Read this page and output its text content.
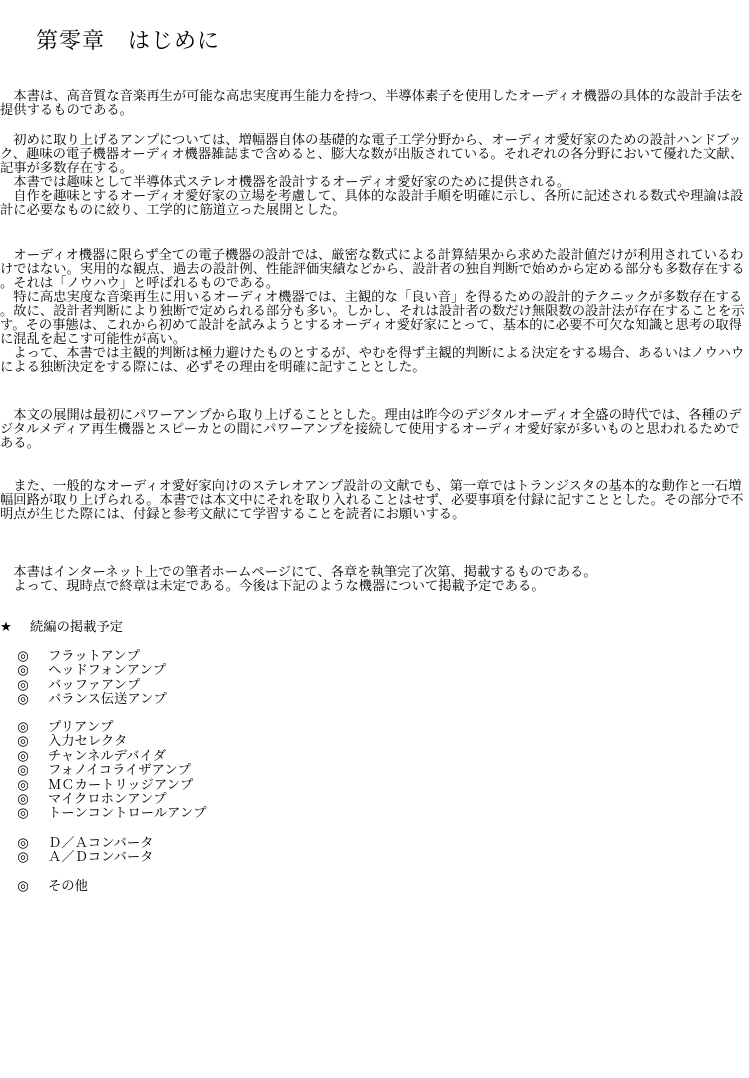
第零章　はじめに

　本書は、高音質な音楽再生が可能な高忠実度再生能力を持つ、半導体素子を使用したオーディオ機器の具体的な設計手法を提供するものである。

　初めに取り上げるアンプについては、増幅器自体の基礎的な電子工学分野から、オーディオ愛好家のための設計ハンドブック、趣味の電子機器オーディオ機器雑誌まで含めると、膨大な数が出版されている。それぞれの各分野において優れた文献、記事が多数存在する。
　本書では趣味として半導体式ステレオ機器を設計するオーディオ愛好家のために提供される。
　自作を趣味とするオーディオ愛好家の立場を考慮して、具体的な設計手順を明確に示し、各所に記述される数式や理論は設計に必要なものに絞り、工学的に筋道立った展開とした。

　オーディオ機器に限らず全ての電子機器の設計では、厳密な数式による計算結果から求めた設計値だけが利用されているわけではない。実用的な観点、過去の設計例、性能評価実績などから、設計者の独自判断で始めから定める部分も多数存在する。それは「ノウハウ」と呼ばれるものである。
　特に高忠実度な音楽再生に用いるオーディオ機器では、主観的な「良い音」を得るための設計的テクニックが多数存在する。故に、設計者判断により独断で定められる部分も多い。しかし、それは設計者の数だけ無限数の設計法が存在することを示す。その事態は、これから初めて設計を試みようとするオーディオ愛好家にとって、基本的に必要不可欠な知識と思考の取得に混乱を起こす可能性が高い。
　よって、本書では主観的判断は極力避けたものとするが、やむを得ず主観的判断による決定をする場合、あるいはノウハウによる独断決定をする際には、必ずその理由を明確に記すこととした。

　本文の展開は最初にパワーアンプから取り上げることとした。理由は昨今のデジタルオーディオ全盛の時代では、各種のデジタルメディア再生機器とスピーカとの間にパワーアンプを接続して使用するオーディオ愛好家が多いものと思われるためである。

　また、一般的なオーディオ愛好家向けのステレオアンプ設計の文献でも、第一章ではトランジスタの基本的な動作と一石増幅回路が取り上げられる。本書では本文中にそれを取り入れることはせず、必要事項を付録に記すこととした。その部分で不明点が生じた際には、付録と参考文献にて学習することを読者にお願いする。

　本書はインターネット上での筆者ホームページにて、各章を執筆完了次第、掲載するものである。
　よって、現時点で終章は未定である。今後は下記のような機器について掲載予定である。

★ 続編の掲載予定
◎ フラットアンプ
◎ ヘッドフォンアンプ
◎ バッファアンプ
◎ バランス伝送アンプ
◎ プリアンプ
◎ 入力セレクタ
◎ チャンネルデバイダ
◎ フォノイコライザアンプ
◎ ＭＣカートリッジアンプ
◎ マイクロホンアンプ
◎ トーンコントロールアンプ
◎ Ｄ／Ａコンバータ
◎ Ａ／Ｄコンバータ
◎ その他
